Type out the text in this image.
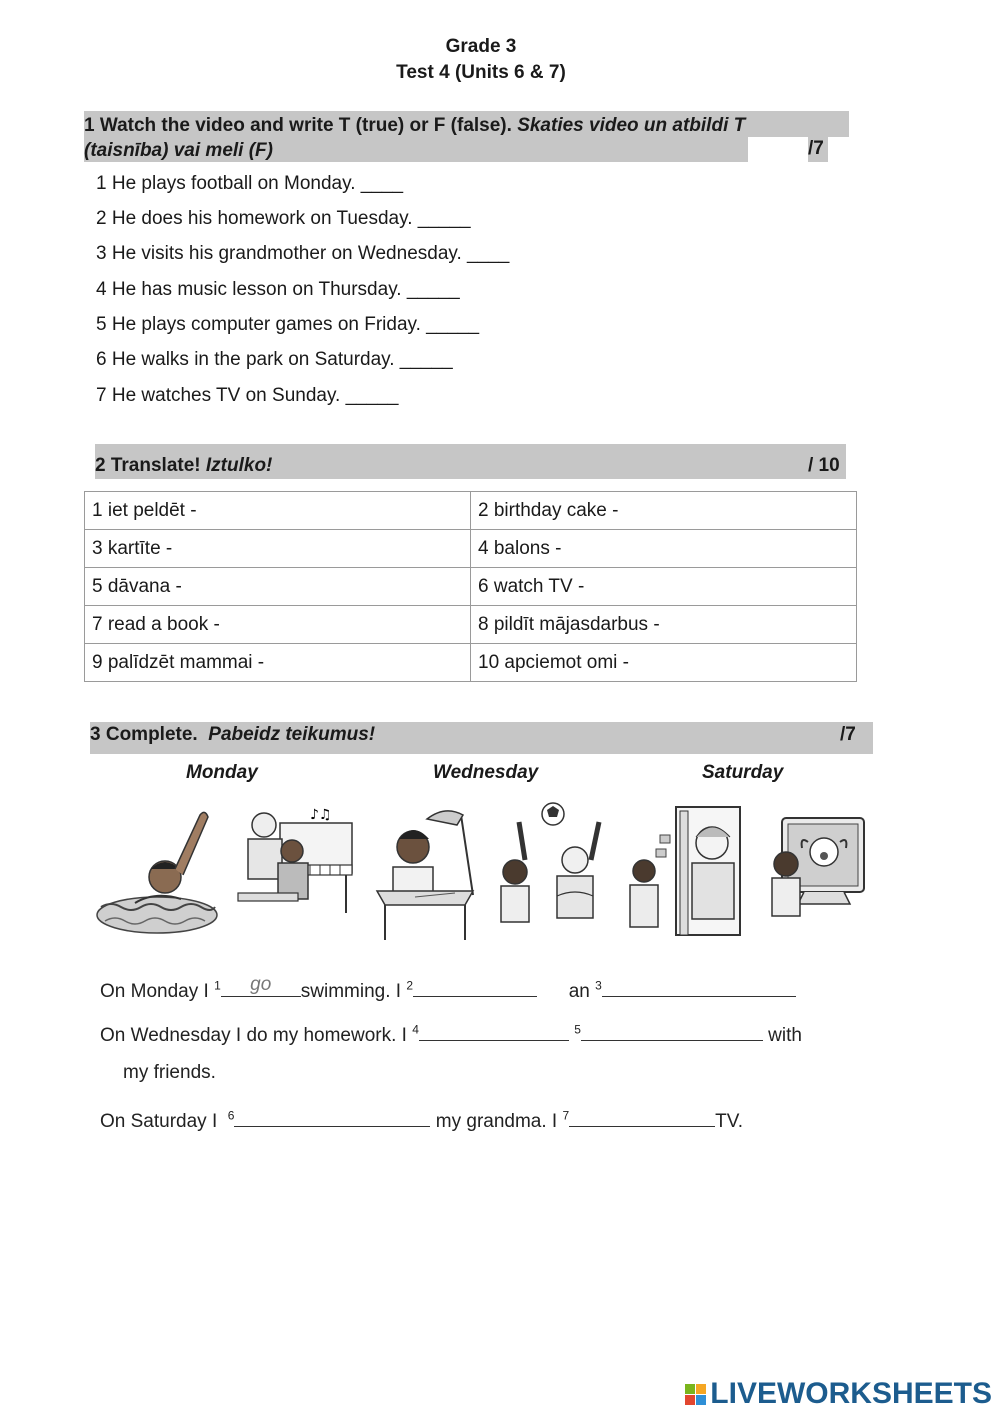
Grade 3
Test 4 (Units 6 & 7)
1 Watch the video and write T (true) or F (false). Skaties video un atbildi T
(taisnība) vai meli (F)	/7
1 He plays football on Monday. ____
2 He does his homework on Tuesday. _____
3 He visits his grandmother on Wednesday. ____
4 He has music lesson on Thursday. _____
5 He plays computer games on Friday. _____
6 He walks in the park on Saturday. _____
7 He watches TV on Sunday. _____
2 Translate! Iztulko!	/ 10
1 iet peldēt -	2 birthday cake -
3 kartīte -	4 balons -
5 dāvana -	6 watch TV -
7 read a book -	8 pildīt mājasdarbus -
9 palīdzēt mammai -	10 apciemot omi -
3 Complete. Pabeidz teikumus!	/7
Monday	Wednesday	Saturday
♪♫
On Monday I $^1$	go	swimming. I $^2$	an $^3$
On Wednesday I do my homework. I $^4$	$^5$	with
my friends.
On Saturday I $^6$	my grandma. I $^7$	TV.
LIVEWORKSHEETS
